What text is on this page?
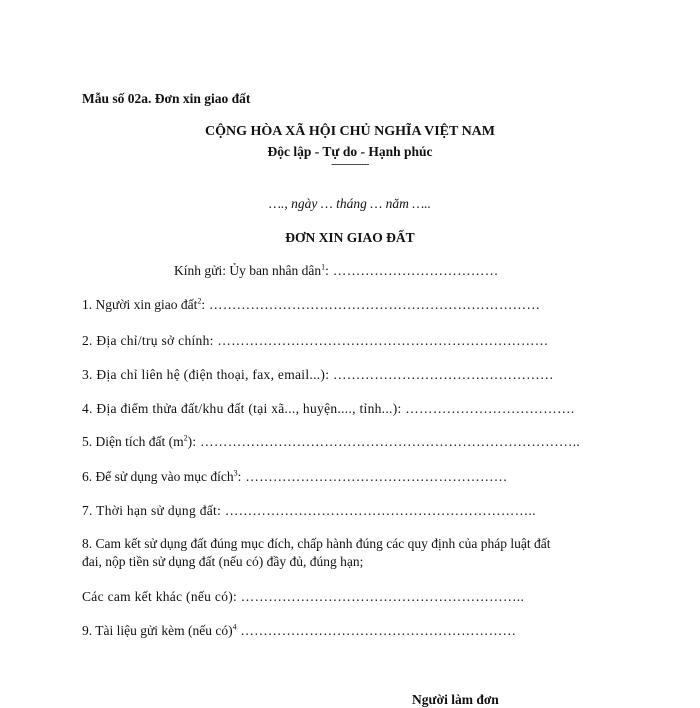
Mẫu số 02a. Đơn xin giao đất
CỘNG HÒA XÃ HỘI CHỦ NGHĨA VIỆT NAM
Độc lập - Tự do - Hạnh phúc
---------------
…., ngày … tháng … năm …..
ĐƠN XIN GIAO ĐẤT
Kính gửi: Ủy ban nhân dân$^1$: ………………………………
1. Người xin giao đất$^2$: ………………………………………………………………
2. Địa chỉ/trụ sở chính: ………………………………………………………………
3. Địa chỉ liên hệ (điện thoại, fax, email...): …………………………………………
4. Địa điểm thửa đất/khu đất (tại xã..., huyện...., tỉnh...): ……………………………….
5. Diện tích đất $(m^2)$: ………………………………………………………………………..
6. Để sử dụng vào mục đích$^3$: …………………………………………………
7. Thời hạn sử dụng đất: …………………………………………………………..
8. Cam kết sử dụng đất đúng mục đích, chấp hành đúng các quy định của pháp luật đất
đai, nộp tiền sử dụng đất (nếu có) đầy đủ, đúng hạn;
Các cam kết khác (nếu có): ……………………………………………………..
9. Tài liệu gửi kèm (nếu có)$^4$ ……………………………………………………
Người làm đơn
